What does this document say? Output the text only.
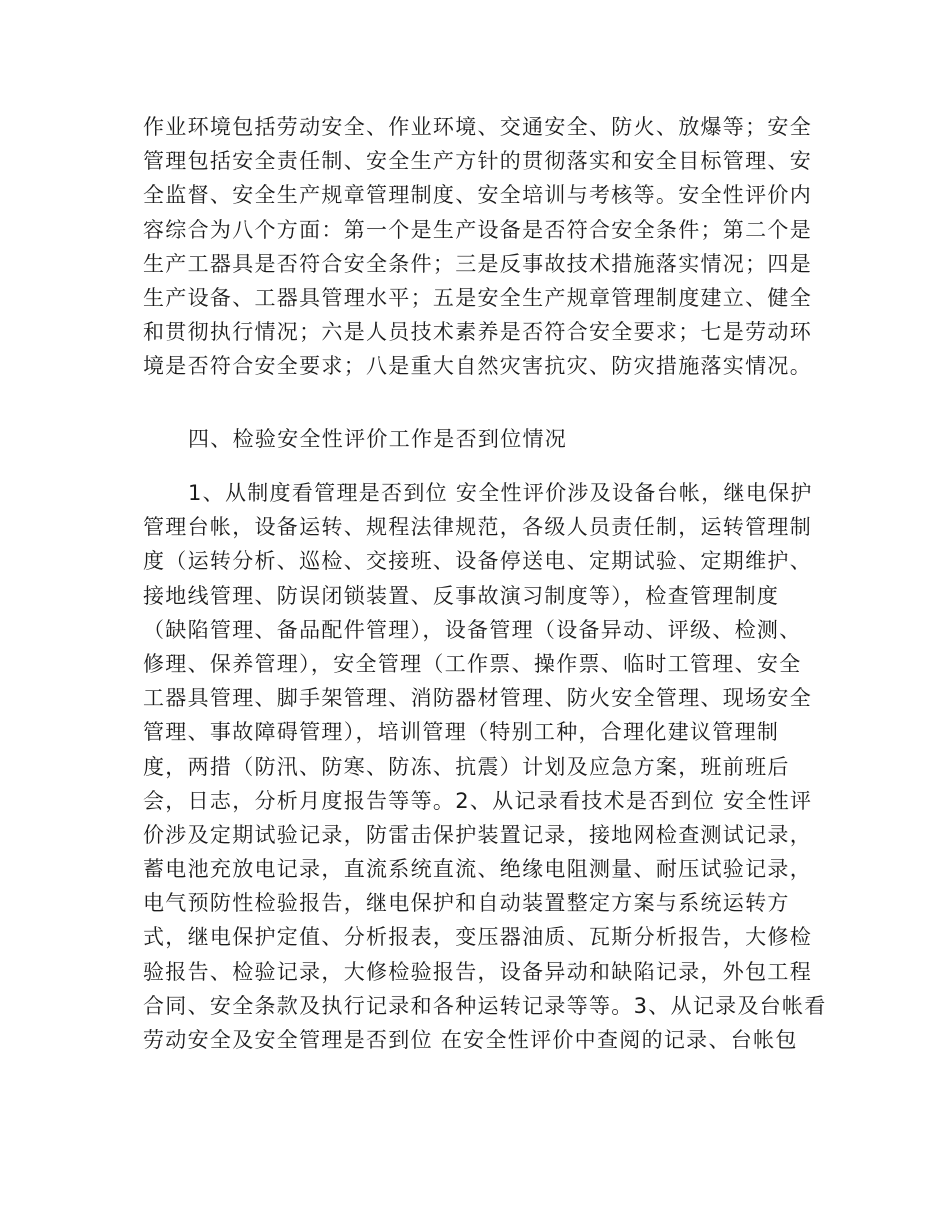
作业环境包括劳动安全、作业环境、交通安全、防火、放爆等；安全
管理包括安全责任制、安全生产方针的贯彻落实和安全目标管理、安
全监督、安全生产规章管理制度、安全培训与考核等。安全性评价内
容综合为八个方面：第一个是生产设备是否符合安全条件；第二个是
生产工器具是否符合安全条件；三是反事故技术措施落实情况；四是
生产设备、工器具管理水平；五是安全生产规章管理制度建立、健全
和贯彻执行情况；六是人员技术素养是否符合安全要求；七是劳动环
境是否符合安全要求；八是重大自然灾害抗灾、防灾措施落实情况。
四、检验安全性评价工作是否到位情况
1、从制度看管理是否到位 安全性评价涉及设备台帐，继电保护
管理台帐，设备运转、规程法律规范，各级人员责任制，运转管理制
度（运转分析、巡检、交接班、设备停送电、定期试验、定期维护、
接地线管理、防误闭锁装置、反事故演习制度等），检查管理制度
（缺陷管理、备品配件管理），设备管理（设备异动、评级、检测、
修理、保养管理），安全管理（工作票、操作票、临时工管理、安全
工器具管理、脚手架管理、消防器材管理、防火安全管理、现场安全
管理、事故障碍管理），培训管理（特别工种，合理化建议管理制
度，两措（防汛、防寒、防冻、抗震）计划及应急方案，班前班后
会，日志，分析月度报告等等。2、从记录看技术是否到位 安全性评
价涉及定期试验记录，防雷击保护装置记录，接地网检查测试记录，
蓄电池充放电记录，直流系统直流、绝缘电阻测量、耐压试验记录，
电气预防性检验报告，继电保护和自动装置整定方案与系统运转方
式，继电保护定值、分析报表，变压器油质、瓦斯分析报告，大修检
验报告、检验记录，大修检验报告，设备异动和缺陷记录，外包工程
合同、安全条款及执行记录和各种运转记录等等。3、从记录及台帐看
劳动安全及安全管理是否到位 在安全性评价中查阅的记录、台帐包
